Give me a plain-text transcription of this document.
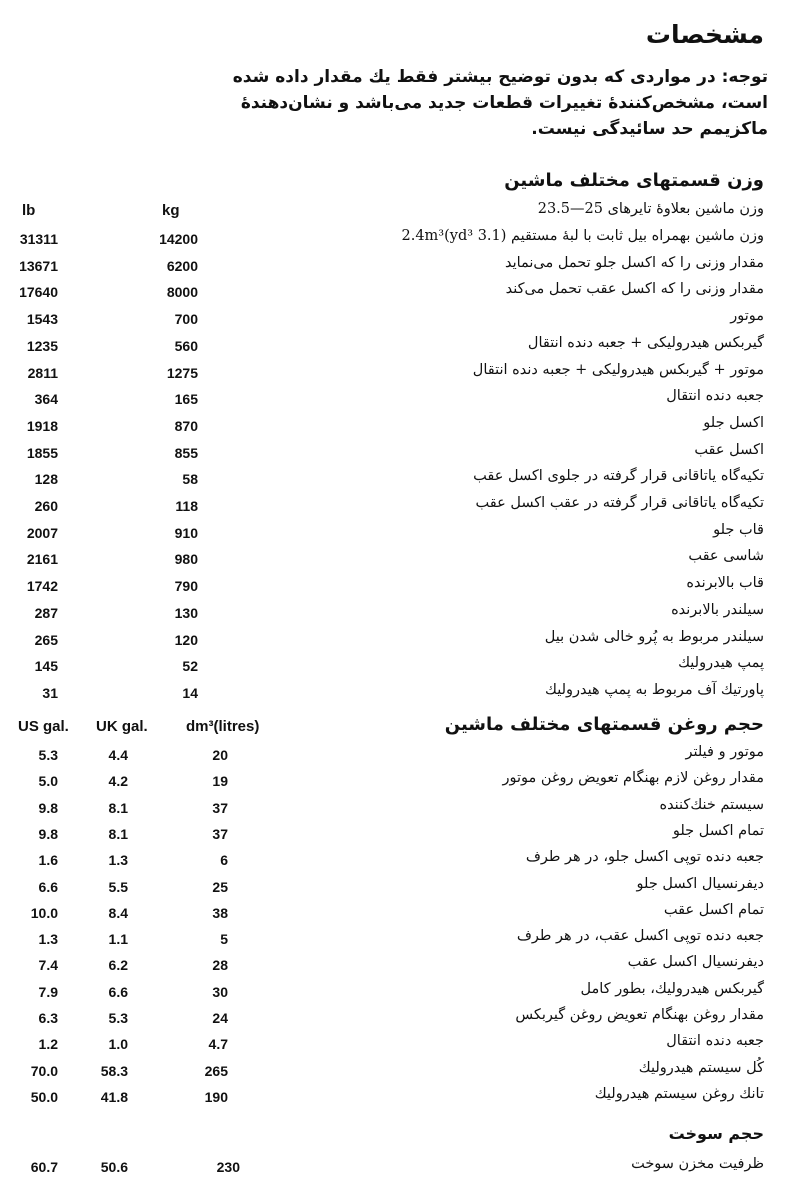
مشخصات
توجه: در مواردی که بدون توضیح بیشتر فقط یك مقدار داده شده است، مشخص‌کنندهٔ تغییرات قطعات جدید می‌باشد و نشان‌دهندهٔ ماکزیمم حد سائیدگی نیست.
وزن قسمتهای مختلف ماشین
lb	kg	وزن ماشین بعلاوهٔ تایرهای 25—23.5
31311	14200	وزن ماشین بهمراه بیل ثابت با لبهٔ مستقیم (3.1 yd³)2.4m³
13671	6200	مقدار وزنی را که اکسل جلو تحمل می‌نماید
17640	8000	مقدار وزنی را که اکسل عقب تحمل می‌کند
1543	700	موتور
1235	560	گیربکس هیدرولیکی + جعبه دنده انتقال
2811	1275	موتور + گیربکس هیدرولیکی + جعبه دنده انتقال
364	165	جعبه دنده انتقال
1918	870	اکسل جلو
1855	855	اکسل عقب
128	58	تکیه‌گاه یاتاقانی قرار گرفته در جلوی اکسل عقب
260	118	تکیه‌گاه یاتاقانی قرار گرفته در عقب اکسل عقب
2007	910	قاب جلو
2161	980	شاسی عقب
1742	790	قاب بالابرنده
287	130	سیلندر بالابرنده
265	120	سیلندر مربوط به پُرو خالی شدن بیل
145	52	پمپ هیدرولیك
31	14	پاورتیك آف مربوط به پمپ هیدرولیك
US gal. UK gal.	dm³(litres)	حجم روغن قسمتهای مختلف ماشین
5.3	4.4	20	موتور و فیلتر
5.0	4.2	19	مقدار روغن لازم بهنگام تعویض روغن موتور
9.8	8.1	37	سیستم خنك‌کننده
9.8	8.1	37	تمام اکسل جلو
1.6	1.3	6	جعبه دنده توپی اکسل جلو، در هر طرف
6.6	5.5	25	دیفرنسیال اکسل جلو
10.0	8.4	38	تمام اکسل عقب
1.3	1.1	5	جعبه دنده توپی اکسل عقب، در هر طرف
7.4	6.2	28	دیفرنسیال اکسل عقب
7.9	6.6	30	گیربکس هیدرولیك، بطور کامل
6.3	5.3	24	مقدار روغن بهنگام تعویض روغن گیربکس
1.2	1.0	4.7	جعبه دنده انتقال
70.0	58.3	265	کُل سیستم هیدرولیك
50.0	41.8	190	تانك روغن سیستم هیدرولیك
حجم سوخت
60.7	50.6	230	ظرفیت مخزن سوخت
